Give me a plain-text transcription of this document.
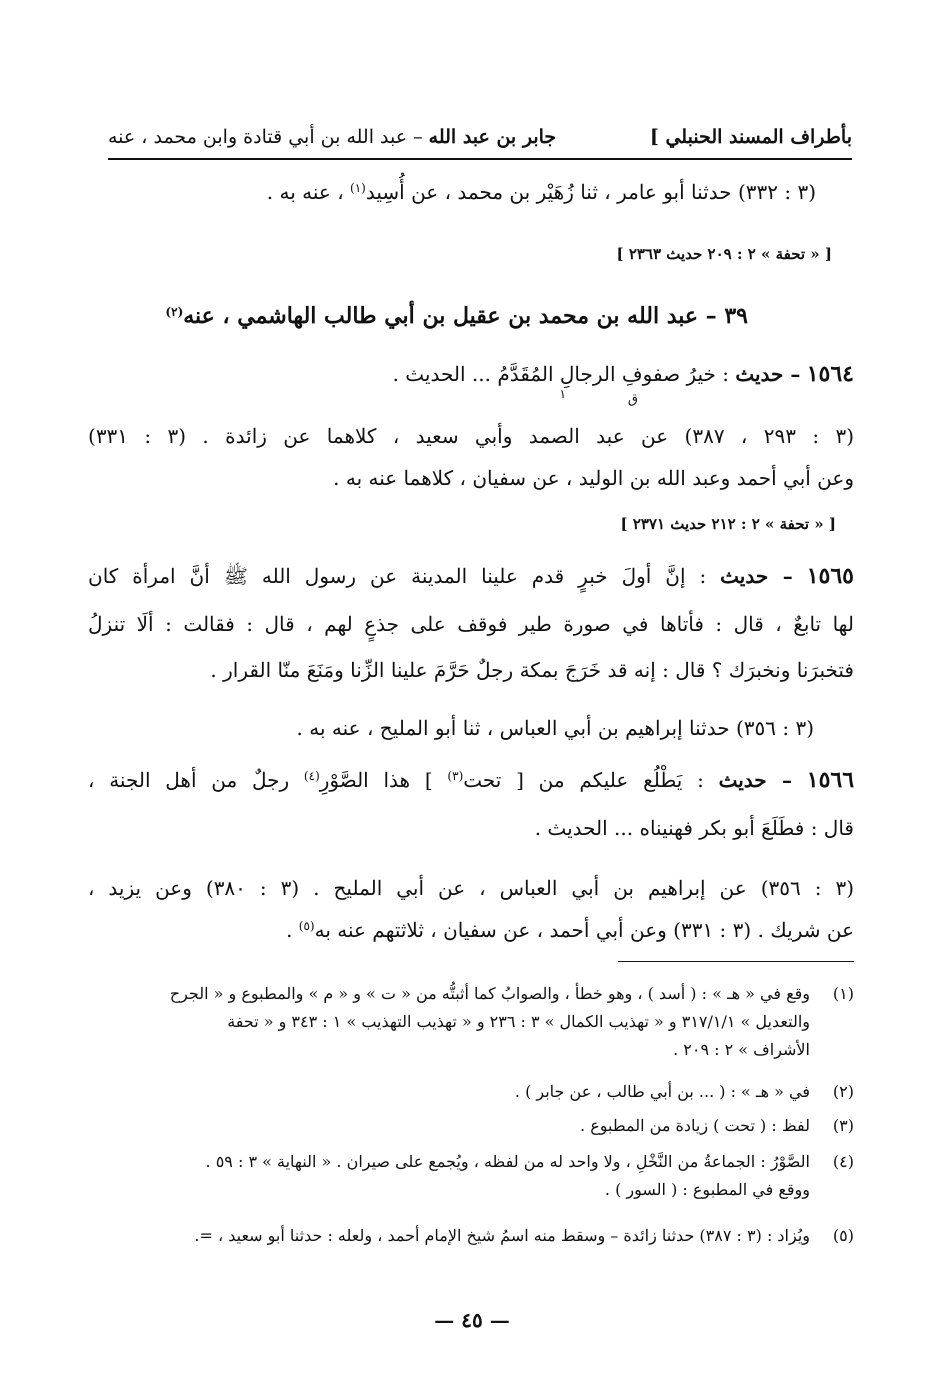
بأطراف المسند الحنبلي ]
جابر بن عبد الله – عبد الله بن أبي قتادة وابن محمد ، عنه
(٣ : ٣٣٢) حدثنا أبو عامر ، ثنا زُهَيْر بن محمد ، عن أُسِيد$^{(١)}$ ، عنه به .
[ « تحفة » ٢ : ٢٠٩ حديث ٢٣٦٣ ]
٣٩ – عبد الله بن محمد بن عقيل بن أبي طالب الهاشمي ، عنه$^{(٢)}$
١٥٦٤ – حديث : خيرُ صفوفِ الرجالِ المُقَدَّمُ ... الحديث .
ق
١
(٣ : ٢٩٣ ، ٣٨٧) عن عبد الصمد وأبي سعيد ، كلاهما عن زائدة . (٣ : ٣٣١)
وعن أبي أحمد وعبد الله بن الوليد ، عن سفيان ، كلاهما عنه به .
[ « تحفة » ٢ : ٢١٢ حديث ٢٣٧١ ]
١٥٦٥ – حديث : إنَّ أولَ خبرٍ قدم علينا المدينة عن رسول الله ﷺ أنَّ امرأة كان
لها تابعٌ ، قال : فأتاها في صورة طير فوقف على جذعٍ لهم ، قال : فقالت : ألَا تنزلُ
فتخبرَنا ونخبرَك ؟ قال : إنه قد خَرَجَ بمكة رجلٌ حَرَّمَ علينا الزِّنا ومَنَعَ منّا القرار .
(٣ : ٣٥٦) حدثنا إبراهيم بن أبي العباس ، ثنا أبو المليح ، عنه به .
١٥٦٦ – حديث : يَطْلُع عليكم من [ تحت$^{(٣)}$ ] هذا الصَّوْرِ$^{(٤)}$ رجلٌ من أهل الجنة ،
قال : فطَلَعَ أبو بكر فهنيناه ... الحديث .
(٣ : ٣٥٦) عن إبراهيم بن أبي العباس ، عن أبي المليح . (٣ : ٣٨٠) وعن يزيد ،
عن شريك . (٣ : ٣٣١) وعن أبي أحمد ، عن سفيان ، ثلاثتهم عنه به$^{(٥)}$ .
(١)وقع في « هـ » : ( أسد ) ، وهو خطأ ، والصوابُ كما أثبتُّه من « ت » و « م » والمطبوع و « الجرح
والتعديل » ٣١٧/١/١ و « تهذيب الكمال » ٣ : ٢٣٦ و « تهذيب التهذيب » ١ : ٣٤٣ و « تحفة
الأشراف » ٢ : ٢٠٩ .
(٢)في « هـ » : ( ... بن أبي طالب ، عن جابر ) .
(٣)لفظ : ( تحت ) زيادة من المطبوع .
(٤)الصَّوْرُ : الجماعةُ من النَّخْلِ ، ولا واحد له من لفظه ، ويُجمع على صيران . « النهاية » ٣ : ٥٩ .
ووقع في المطبوع : ( السور ) .
(٥)ويُزاد : (٣ : ٣٨٧) حدثنا زائدة – وسقط منه اسمُ شيخ الإمام أحمد ، ولعله : حدثنا أبو سعيد ، =.
— ٤٥ —
